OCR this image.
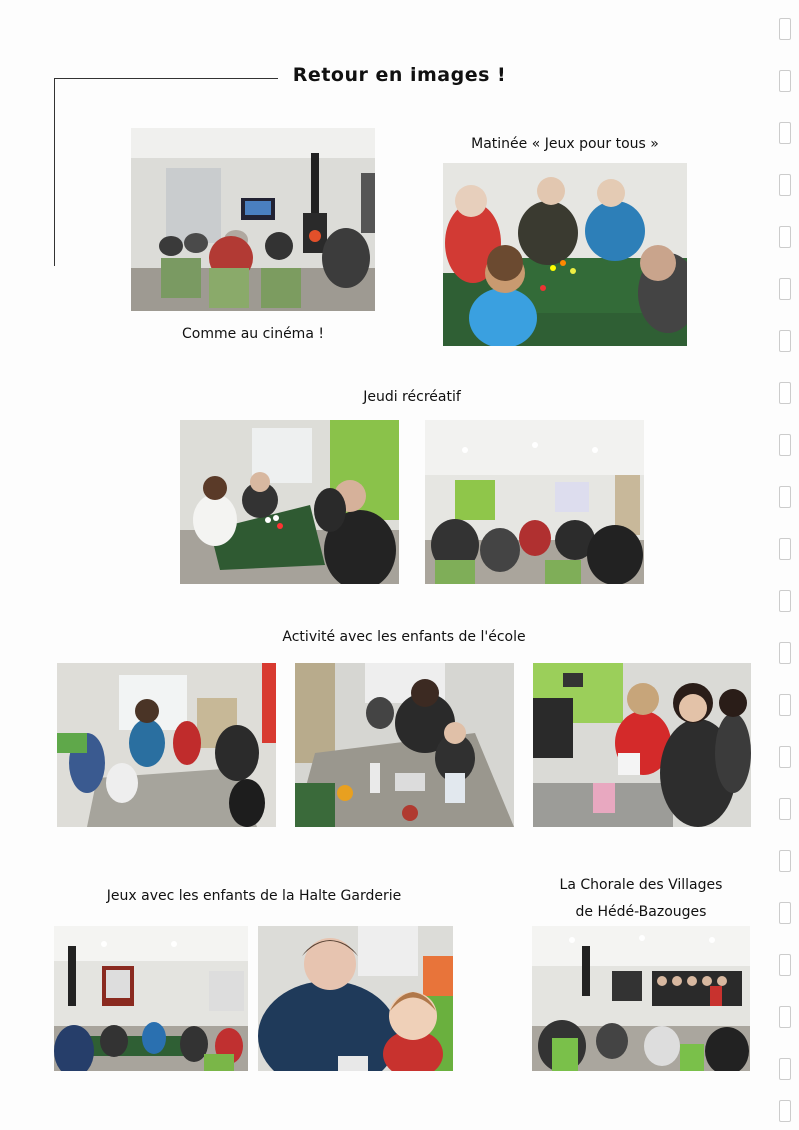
Retour en images !
Comme au cinéma !
Matinée « Jeux pour tous »
Jeudi récréatif
Activité avec les enfants de l'école
Jeux avec les enfants de la Halte Garderie
La Chorale des Villages
de Hédé-Bazouges
